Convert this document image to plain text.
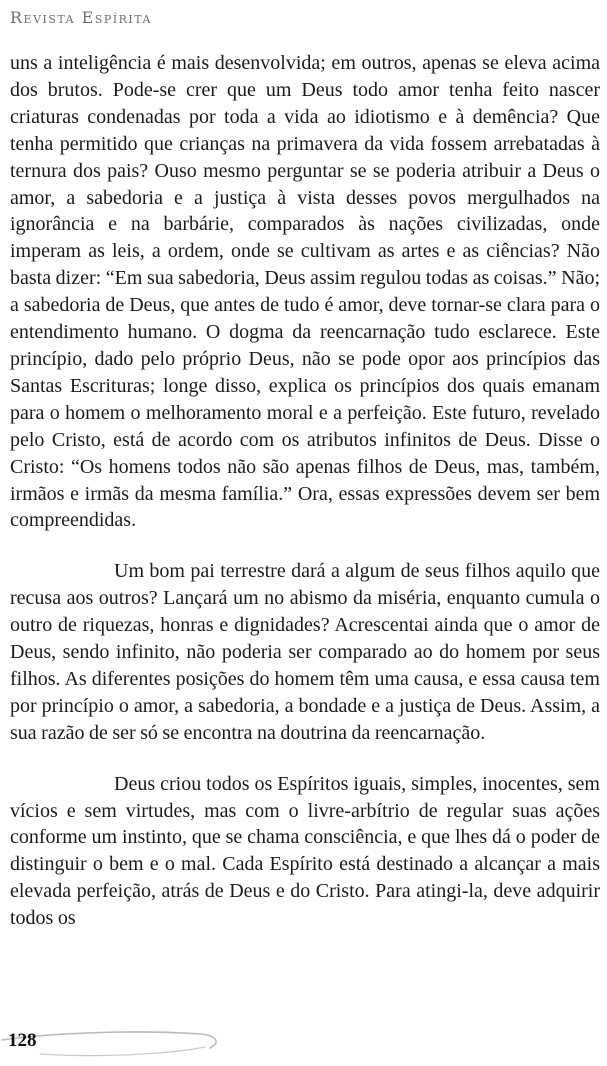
Revista Espírita

uns a inteligência é mais desenvolvida; em outros, apenas se eleva acima dos brutos. Pode-se crer que um Deus todo amor tenha feito nascer criaturas condenadas por toda a vida ao idiotismo e à demência? Que tenha permitido que crianças na primavera da vida fossem arrebatadas à ternura dos pais? Ouso mesmo perguntar se se poderia atribuir a Deus o amor, a sabedoria e a justiça à vista desses povos mergulhados na ignorância e na barbárie, comparados às nações civilizadas, onde imperam as leis, a ordem, onde se cultivam as artes e as ciências? Não basta dizer: “Em sua sabedoria, Deus assim regulou todas as coisas.” Não; a sabedoria de Deus, que antes de tudo é amor, deve tornar-se clara para o entendimento humano. O dogma da reencarnação tudo esclarece. Este princípio, dado pelo próprio Deus, não se pode opor aos princípios das Santas Escrituras; longe disso, explica os princípios dos quais emanam para o homem o melhoramento moral e a perfeição. Este futuro, revelado pelo Cristo, está de acordo com os atributos infinitos de Deus. Disse o Cristo: “Os homens todos não são apenas filhos de Deus, mas, também, irmãos e irmãs da mesma família.” Ora, essas expressões devem ser bem compreendidas.

Um bom pai terrestre dará a algum de seus filhos aquilo que recusa aos outros? Lançará um no abismo da miséria, enquanto cumula o outro de riquezas, honras e dignidades? Acrescentai ainda que o amor de Deus, sendo infinito, não poderia ser comparado ao do homem por seus filhos. As diferentes posições do homem têm uma causa, e essa causa tem por princípio o amor, a sabedoria, a bondade e a justiça de Deus. Assim, a sua razão de ser só se encontra na doutrina da reencarnação.

Deus criou todos os Espíritos iguais, simples, inocentes, sem vícios e sem virtudes, mas com o livre-arbítrio de regular suas ações conforme um instinto, que se chama consciência, e que lhes dá o poder de distinguir o bem e o mal. Cada Espírito está destinado a alcançar a mais elevada perfeição, atrás de Deus e do Cristo. Para atingi-la, deve adquirir todos os

128
